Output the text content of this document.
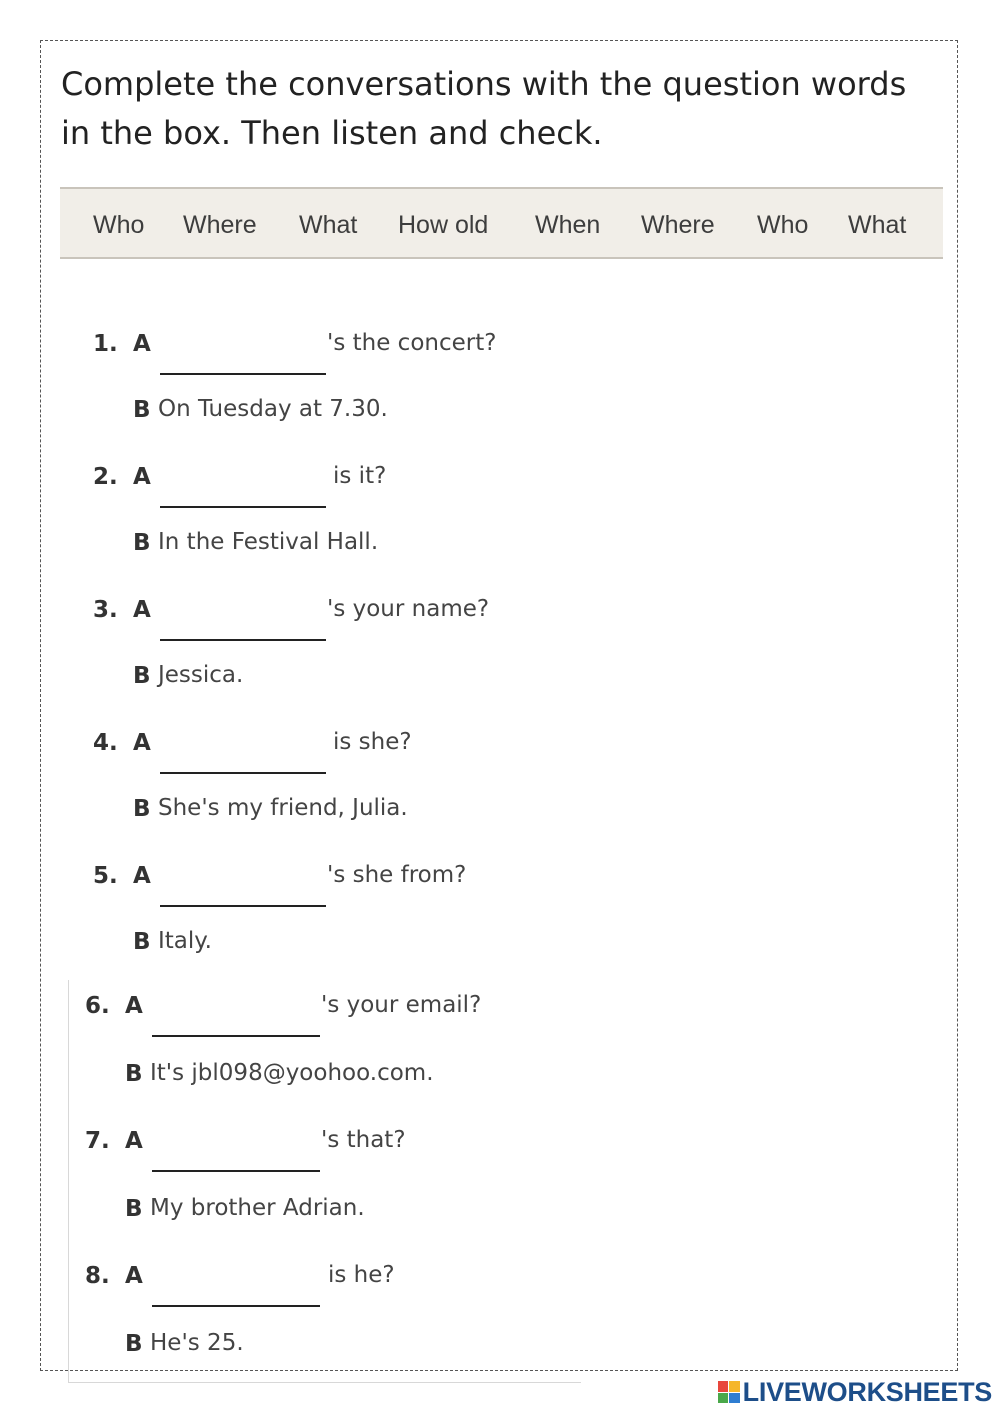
Complete the conversations with the question words in the box. Then listen and check.
Who Where What How old When Where Who What
1. A	's the concert?
B On Tuesday at 7.30.
2. A	is it?
B In the Festival Hall.
3. A	's your name?
B Jessica.
4. A	is she?
B She's my friend, Julia.
5. A	's she from?
B Italy.
6. A	's your email?
B It's jbl098@yoohoo.com.
7. A	's that?
B My brother Adrian.
8. A	is he?
B He's 25.
LIVEWORKSHEETS
